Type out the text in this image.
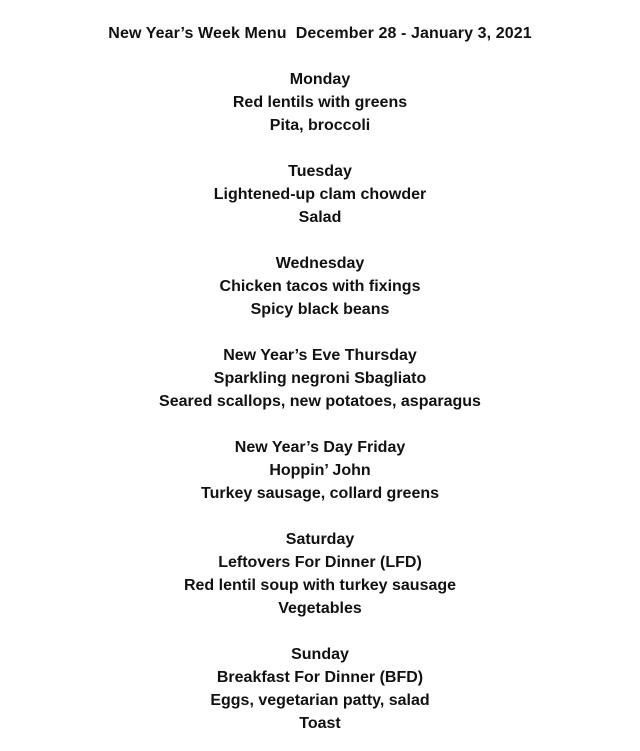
New Year’s Week Menu  December 28 - January 3, 2021
Monday
Red lentils with greens
Pita, broccoli
Tuesday
Lightened-up clam chowder
Salad
Wednesday
Chicken tacos with fixings
Spicy black beans
New Year’s Eve Thursday
Sparkling negroni Sbagliato
Seared scallops, new potatoes, asparagus
New Year’s Day Friday
Hoppin’ John
Turkey sausage, collard greens
Saturday
Leftovers For Dinner (LFD)
Red lentil soup with turkey sausage
Vegetables
Sunday
Breakfast For Dinner (BFD)
Eggs, vegetarian patty, salad
Toast
